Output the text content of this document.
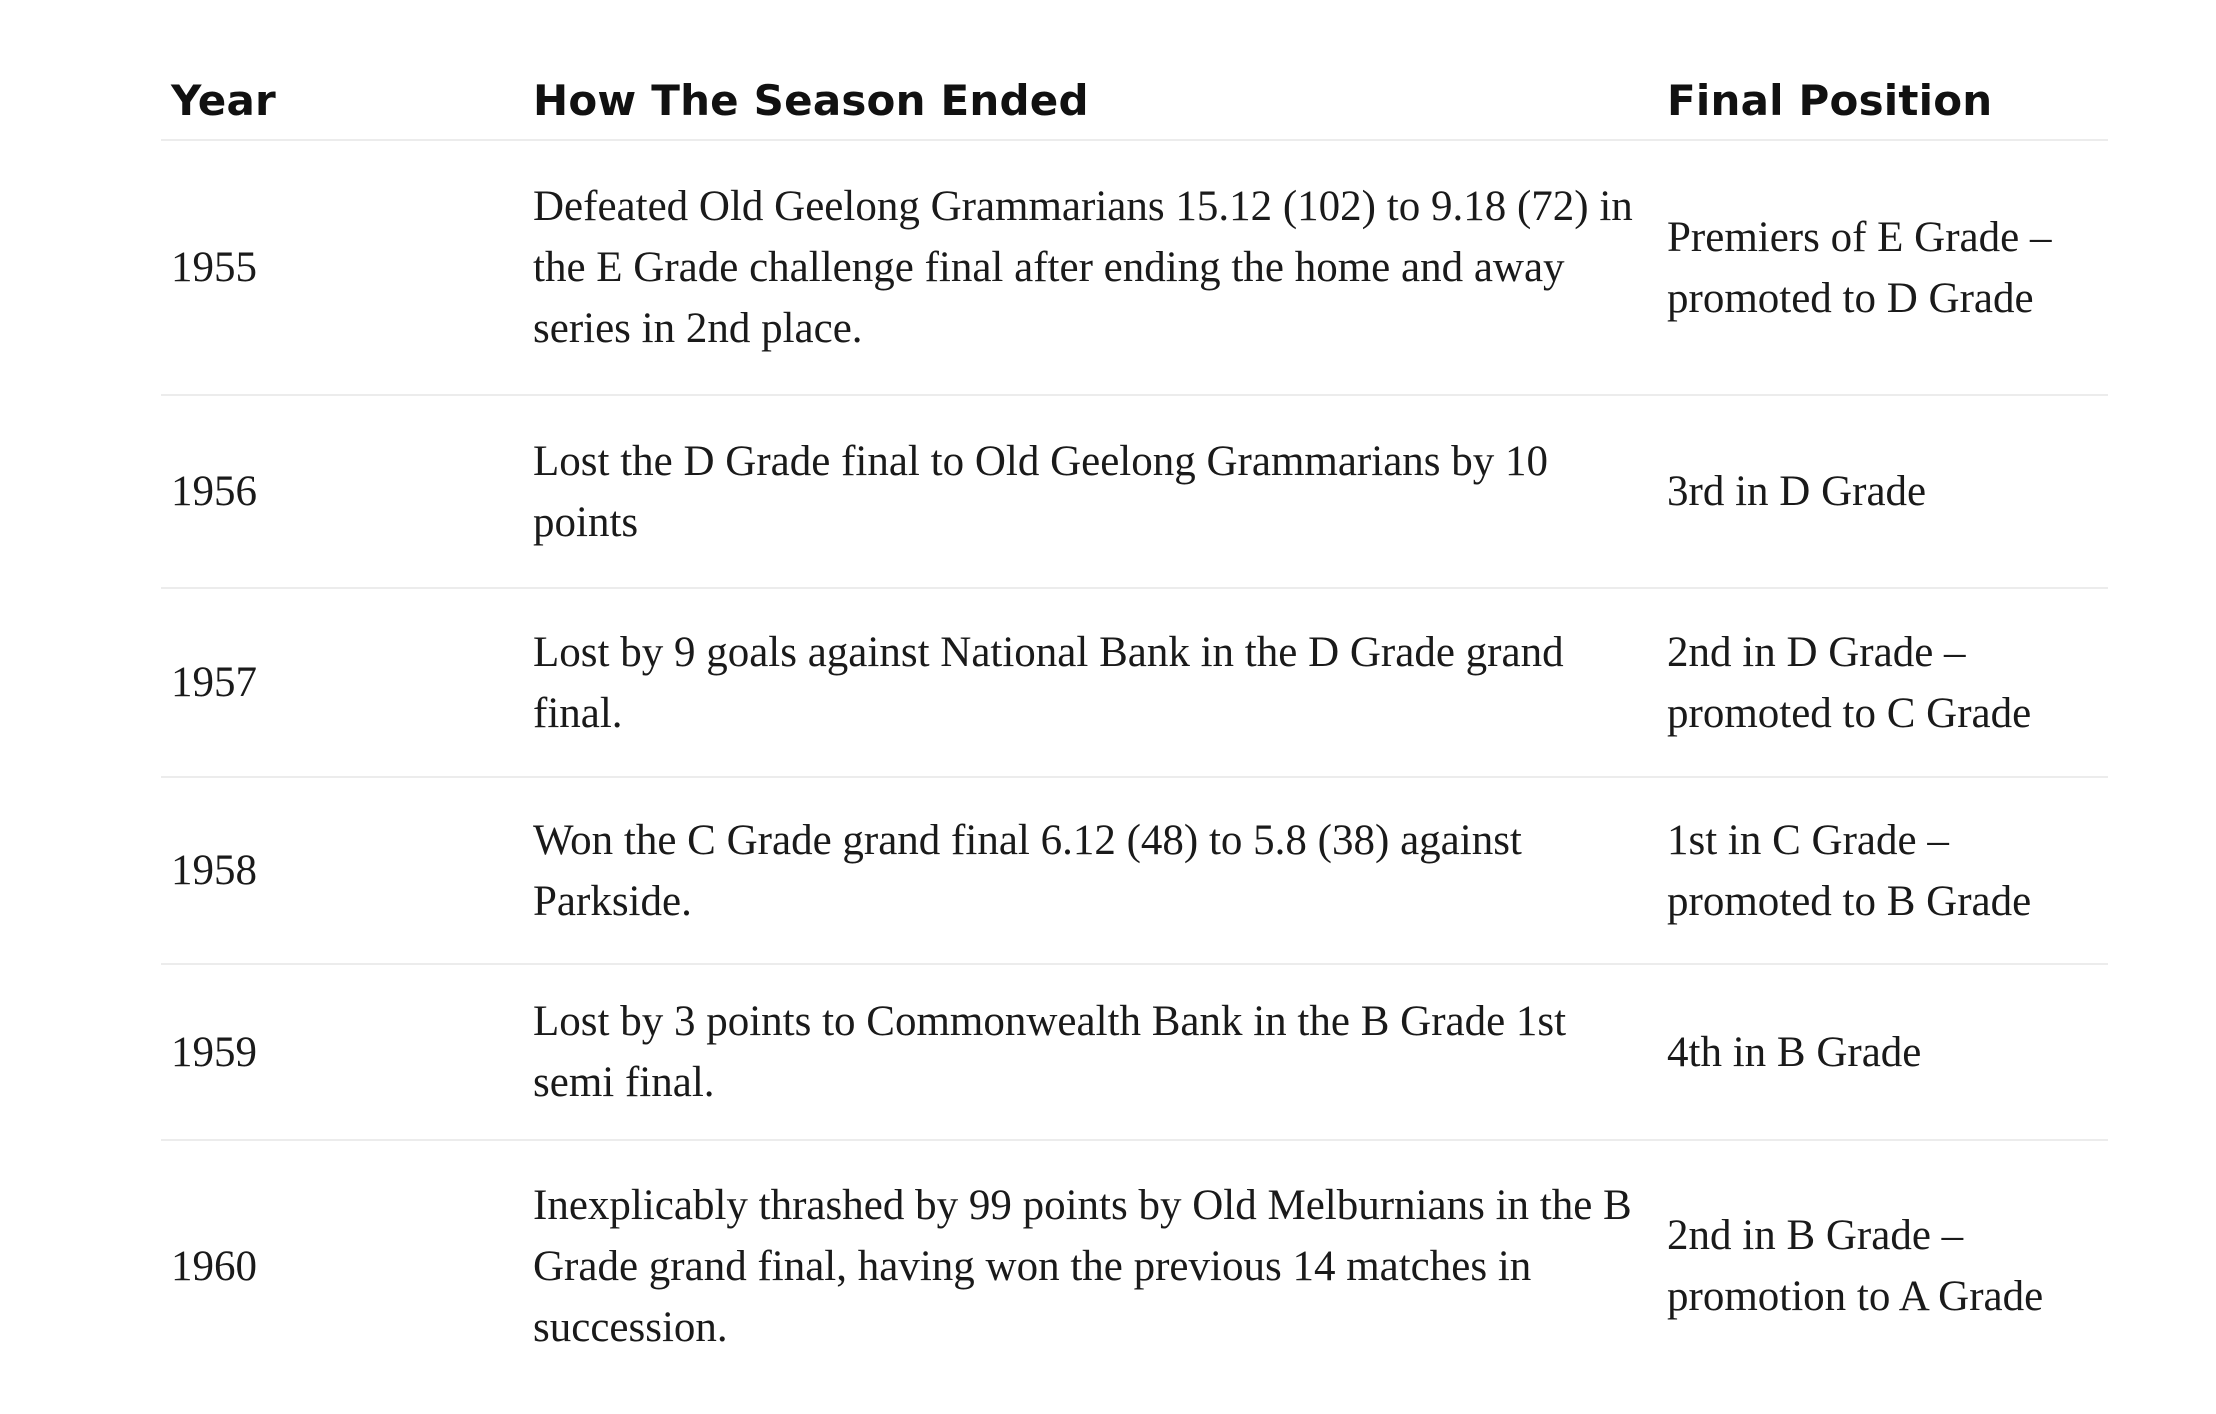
Year	How The Season Ended	Final Position
1955	Defeated Old Geelong Grammarians 15.12 (102) to 9.18 (72) in the E Grade challenge final after ending the home and away series in 2nd place.	Premiers of E Grade – promoted to D Grade
1956	Lost the D Grade final to Old Geelong Grammarians by 10 points	3rd in D Grade
1957	Lost by 9 goals against National Bank in the D Grade grand final.	2nd in D Grade – promoted to C Grade
1958	Won the C Grade grand final 6.12 (48) to 5.8 (38) against Parkside.	1st in C Grade – promoted to B Grade
1959	Lost by 3 points to Commonwealth Bank in the B Grade 1st semi final.	4th in B Grade
1960	Inexplicably thrashed by 99 points by Old Melburnians in the B Grade grand final, having won the previous 14 matches in succession.	2nd in B Grade – promotion to A Grade
